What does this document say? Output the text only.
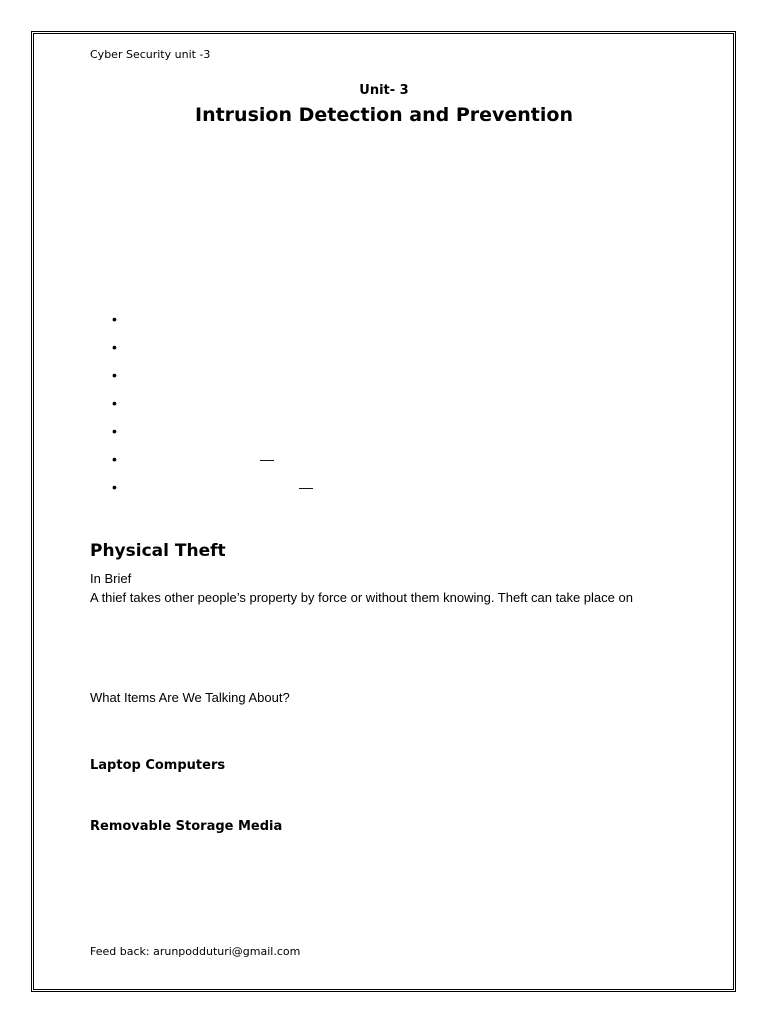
Cyber Security unit -3
Unit- 3
Intrusion Detection and Prevention
•
•
•
•
•
•	—
•	—
Physical Theft
In Brief
A thief takes other people’s property by force or without them knowing. Theft can take place on
What Items Are We Talking About?
Laptop Computers
Removable Storage Media
Feed back: arunpodduturi@gmail.com
